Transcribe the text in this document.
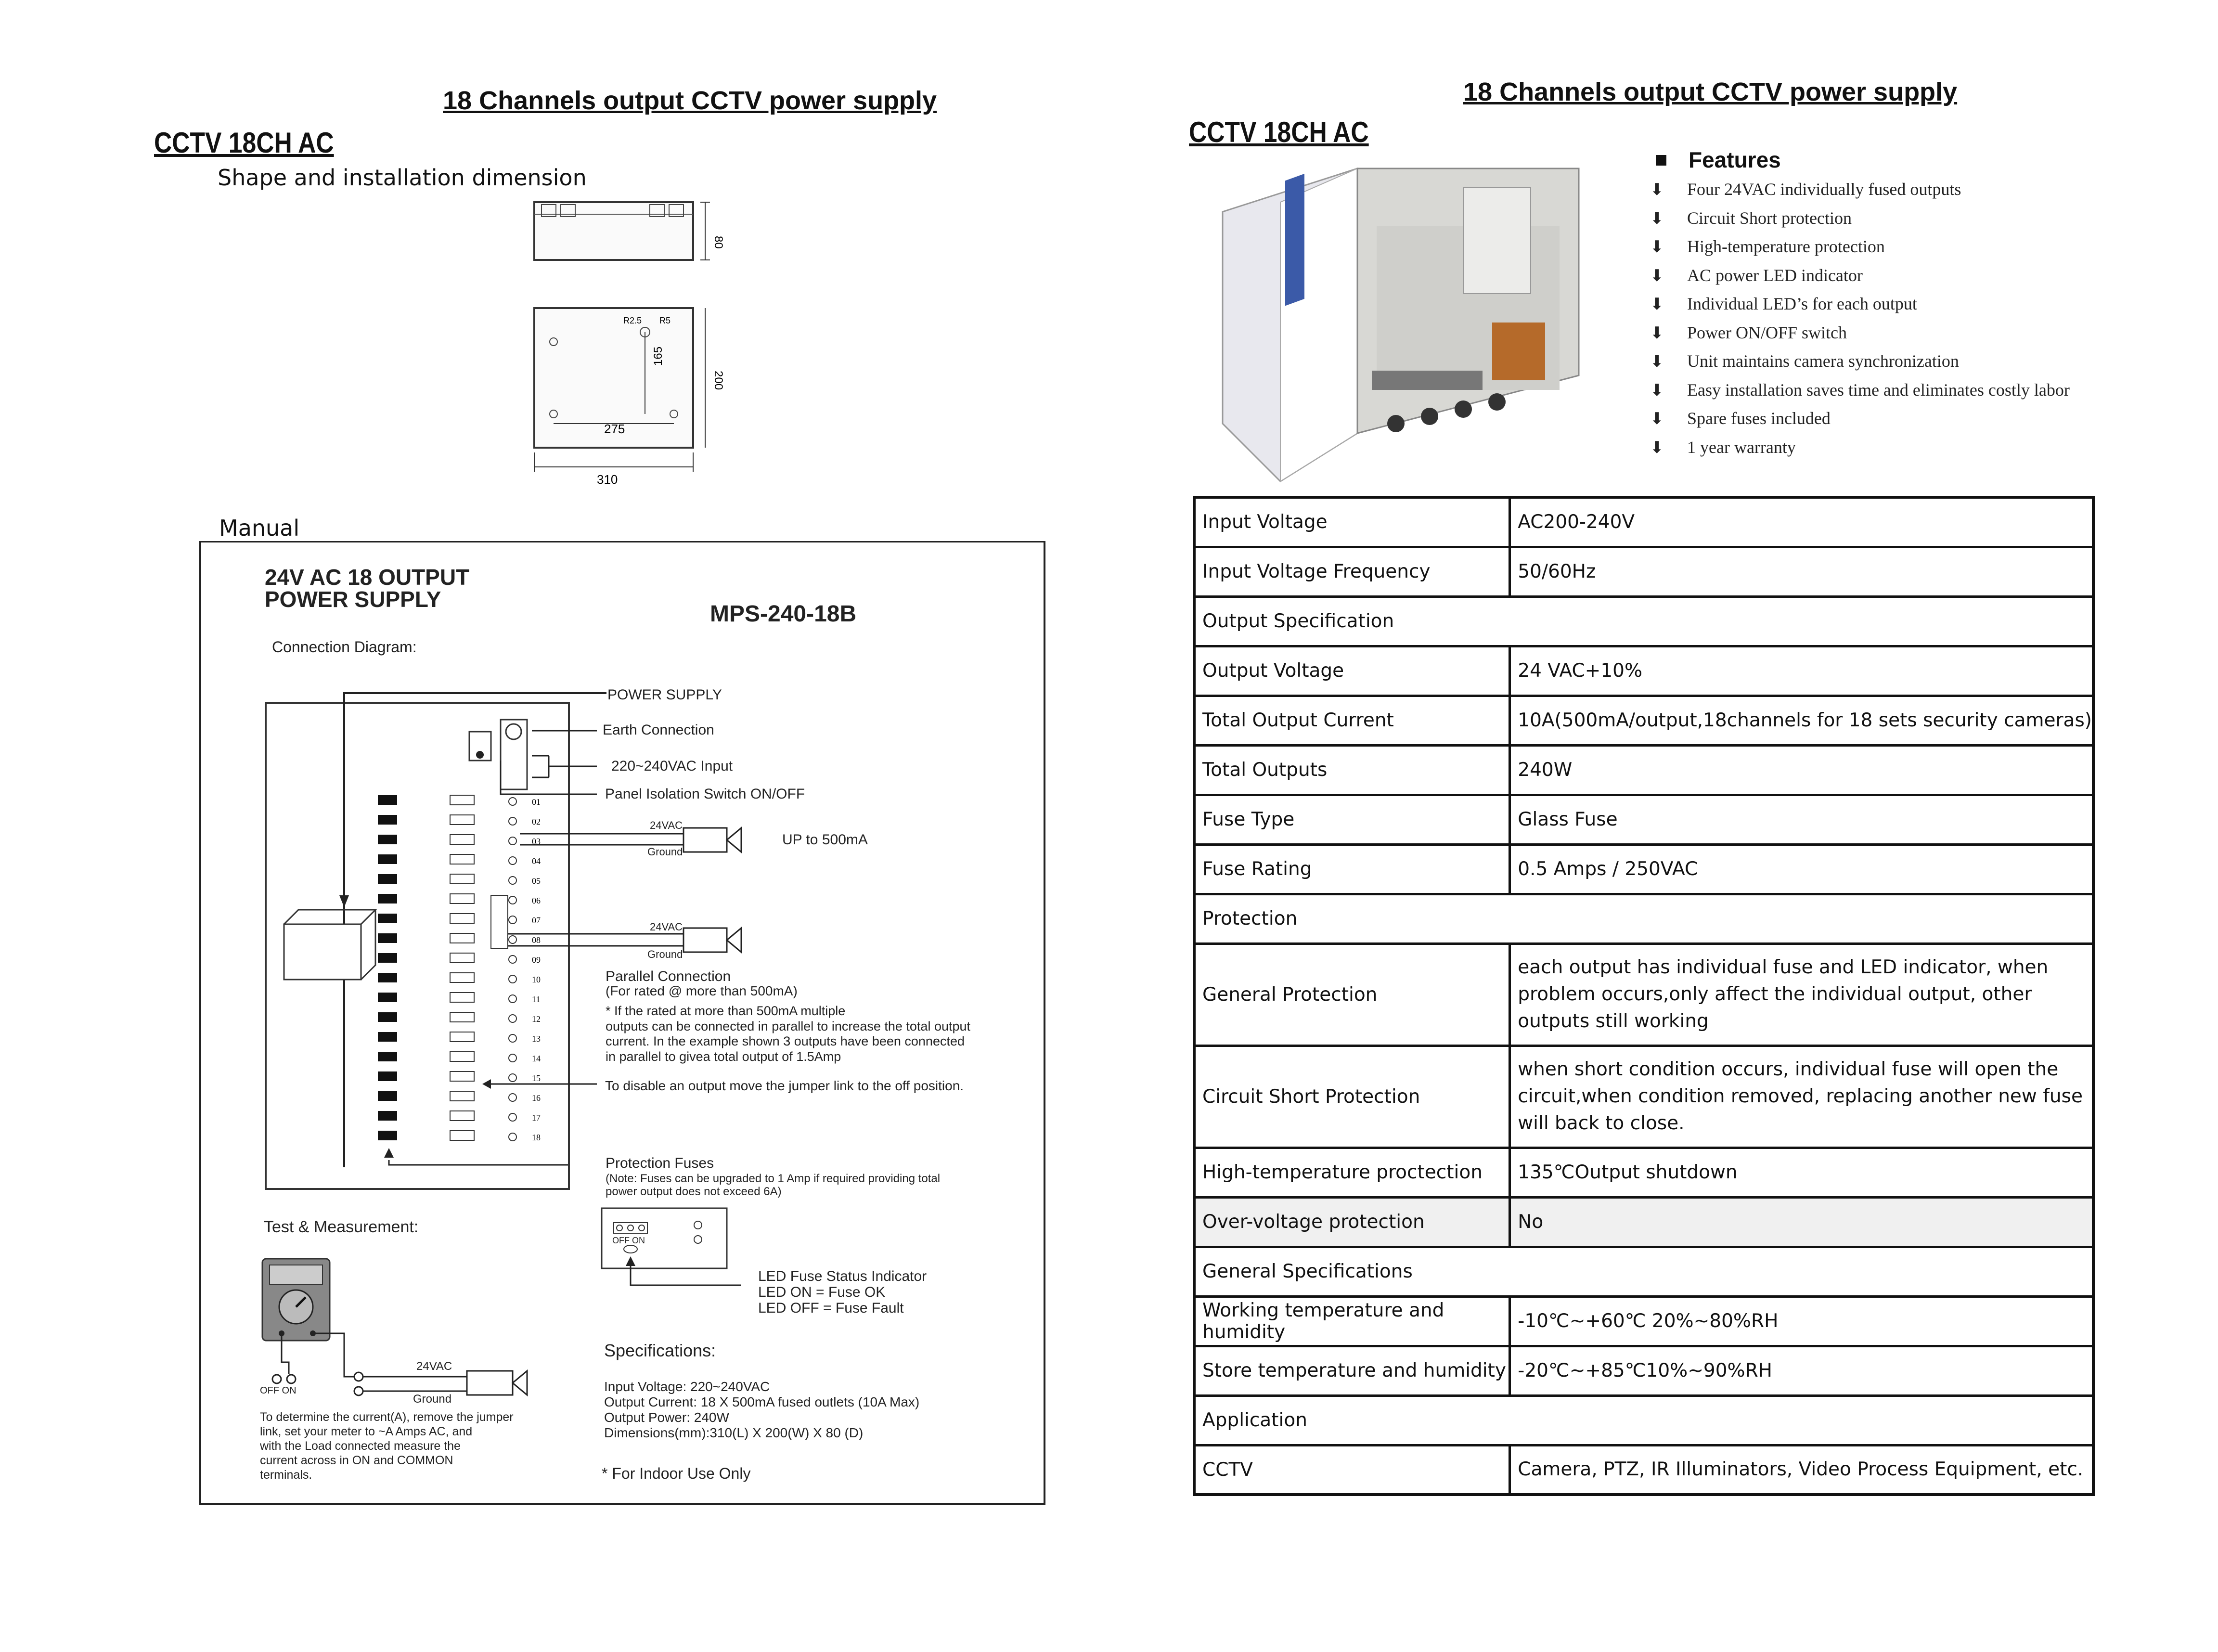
18 Channels output CCTV power supply
CCTV 18CH AC
Shape and installation dimension
80
R2.5 R5
165
200
275
310
Manual
24V AC 18 OUTPUT
POWER SUPPLY
MPS-240-18B
Connection Diagram:
01
02
03
04
05
06
07
08
09
10
11
12
13
14
15
16
17
18
POWER SUPPLY
Earth Connection
220~240VAC Input
Panel Isolation Switch ON/OFF
24VAC
Ground
UP to 500mA
24VAC
Ground
Parallel Connection
(For rated @ more than 500mA)
* If the rated at more than 500mA multiple
outputs can be connected in parallel to increase the total output
current. In the example shown 3 outputs have been connected
in parallel to givea total output of 1.5Amp
To disable an output move the jumper link to the off position.
Protection Fuses
(Note: Fuses can be upgraded to 1 Amp if required providing total
power output does not exceed 6A)
Test & Measurement:
24VAC
Ground
OFF ON
To determine the current(A), remove the jumper
link, set your meter to ~A Amps AC, and
with the Load connected measure the
current across in ON and COMMON
terminals.
OFF ON
LED Fuse Status Indicator
LED ON = Fuse OK
LED OFF = Fuse Fault
Specifications:
Input Voltage: 220~240VAC
Output Current: 18 X 500mA fused outlets (10A Max)
Output Power: 240W
Dimensions(mm):310(L) X 200(W) X 80 (D)
* For Indoor Use Only
18 Channels output CCTV power supply
CCTV 18CH AC
Features
⬇ Four 24VAC individually fused outputs
⬇ Circuit Short protection
⬇ High-temperature protection
⬇ AC power LED indicator
⬇ Individual LED’s for each output
⬇ Power ON/OFF switch
⬇ Unit maintains camera synchronization
⬇ Easy installation saves time and eliminates costly labor
⬇ Spare fuses included
⬇ 1 year warranty
Input Voltage	AC200-240V
Input Voltage Frequency	50/60Hz
Output Specification	
Output Voltage	24 VAC+10%
Total Output Current	10A(500mA/output,18channels for 18 sets security cameras)
Total Outputs	240W
Fuse Type	Glass Fuse
Fuse Rating	0.5 Amps / 250VAC
Protection	
General Protection	each output has individual fuse and LED indicator, when problem occurs,only affect the individual output, other outputs still working
Circuit Short Protection	when short condition occurs, individual fuse will open the circuit,when condition removed, replacing another new fuse will back to close.
High-temperature proctection	135℃Output shutdown
Over-voltage protection	No
General Specifications	
Working temperature and humidity	-10℃~+60℃ 20%~80%RH
Store temperature and humidity	-20℃~+85℃10%~90%RH
Application	
CCTV	Camera, PTZ, IR Illuminators, Video Process Equipment, etc.
